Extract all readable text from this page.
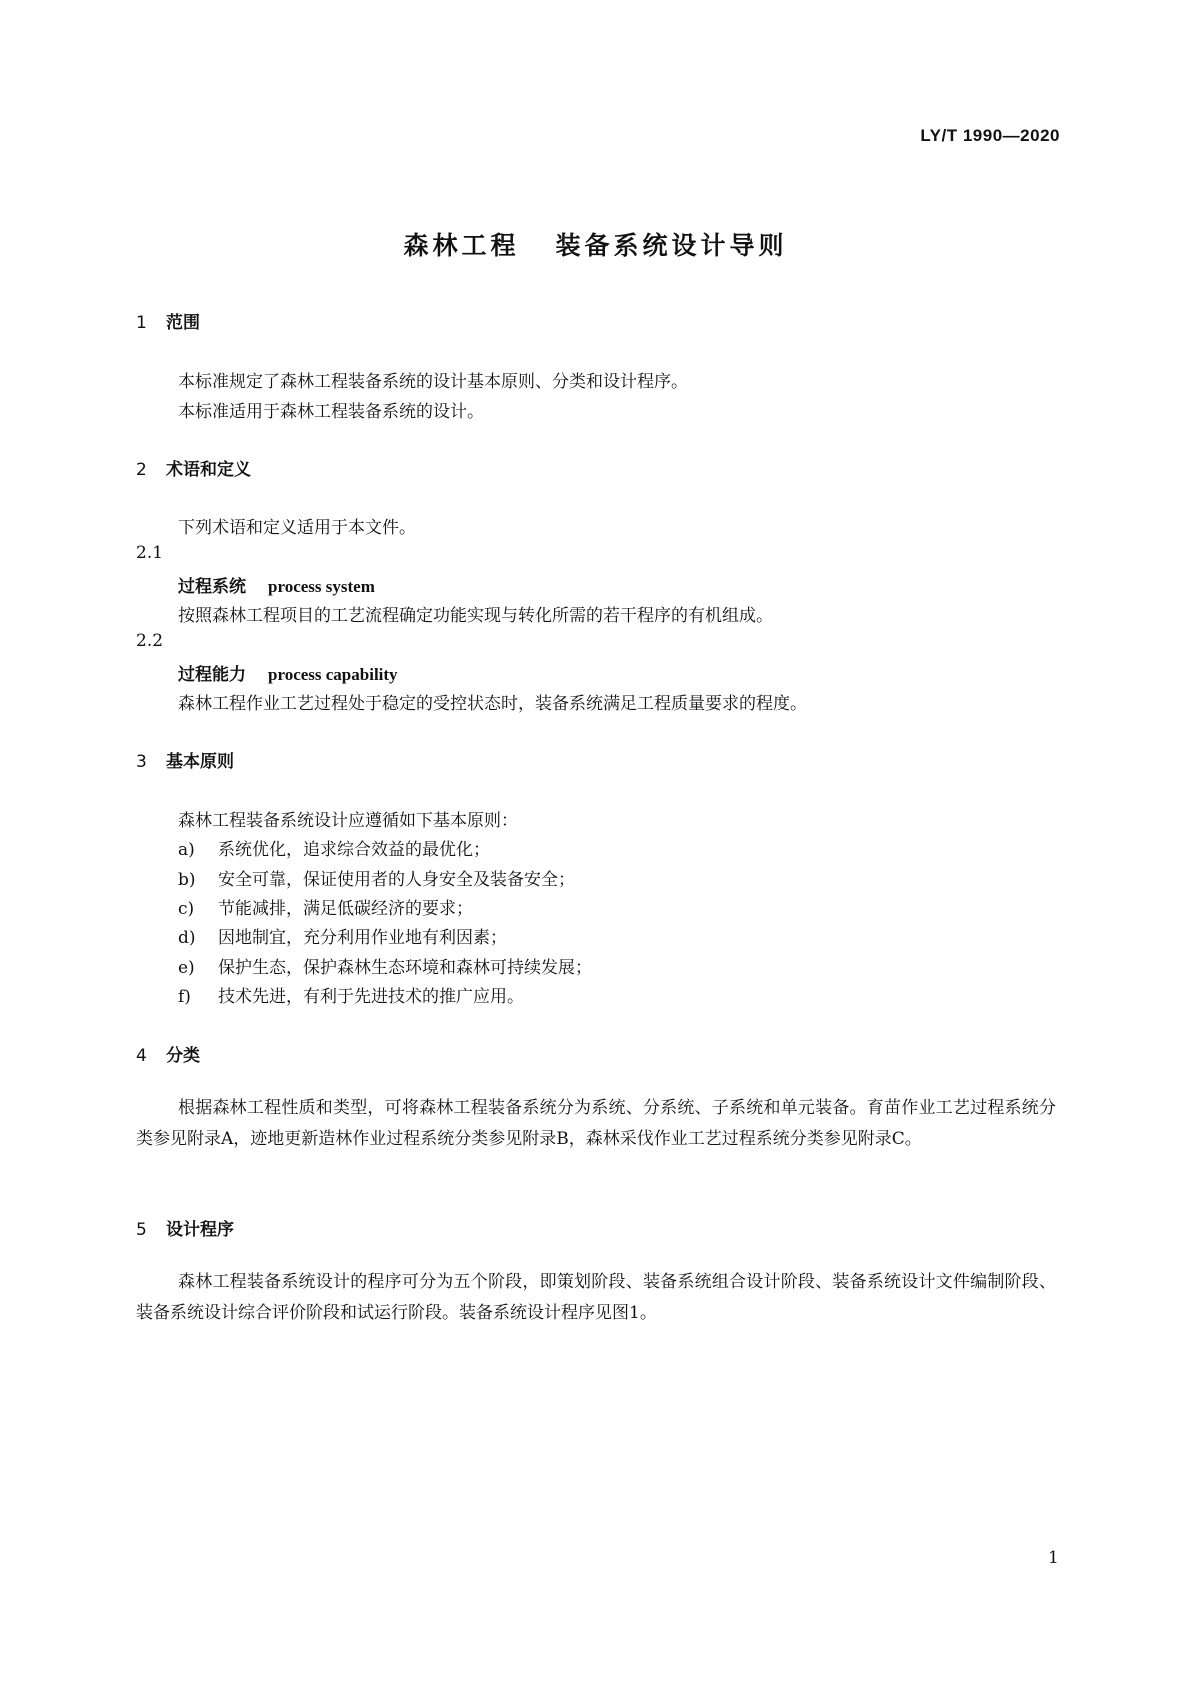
LY/T 1990—2020
森林工程 装备系统设计导则
1 范围
本标准规定了森林工程装备系统的设计基本原则、分类和设计程序。
本标准适用于森林工程装备系统的设计。
2 术语和定义
下列术语和定义适用于本文件。
2.1
过程系统 process system
按照森林工程项目的工艺流程确定功能实现与转化所需的若干程序的有机组成。
2.2
过程能力 process capability
森林工程作业工艺过程处于稳定的受控状态时，装备系统满足工程质量要求的程度。
3 基本原则
森林工程装备系统设计应遵循如下基本原则：
a) 系统优化，追求综合效益的最优化；
b) 安全可靠，保证使用者的人身安全及装备安全；
c) 节能减排，满足低碳经济的要求；
d) 因地制宜，充分利用作业地有利因素；
e) 保护生态，保护森林生态环境和森林可持续发展；
f) 技术先进，有利于先进技术的推广应用。
4 分类
根据森林工程性质和类型，可将森林工程装备系统分为系统、分系统、子系统和单元装备。育苗作业工艺过程系统分类参见附录A，迹地更新造林作业过程系统分类参见附录B，森林采伐作业工艺过程系统分类参见附录C。
5 设计程序
森林工程装备系统设计的程序可分为五个阶段，即策划阶段、装备系统组合设计阶段、装备系统设计文件编制阶段、装备系统设计综合评价阶段和试运行阶段。装备系统设计程序见图1。
1
